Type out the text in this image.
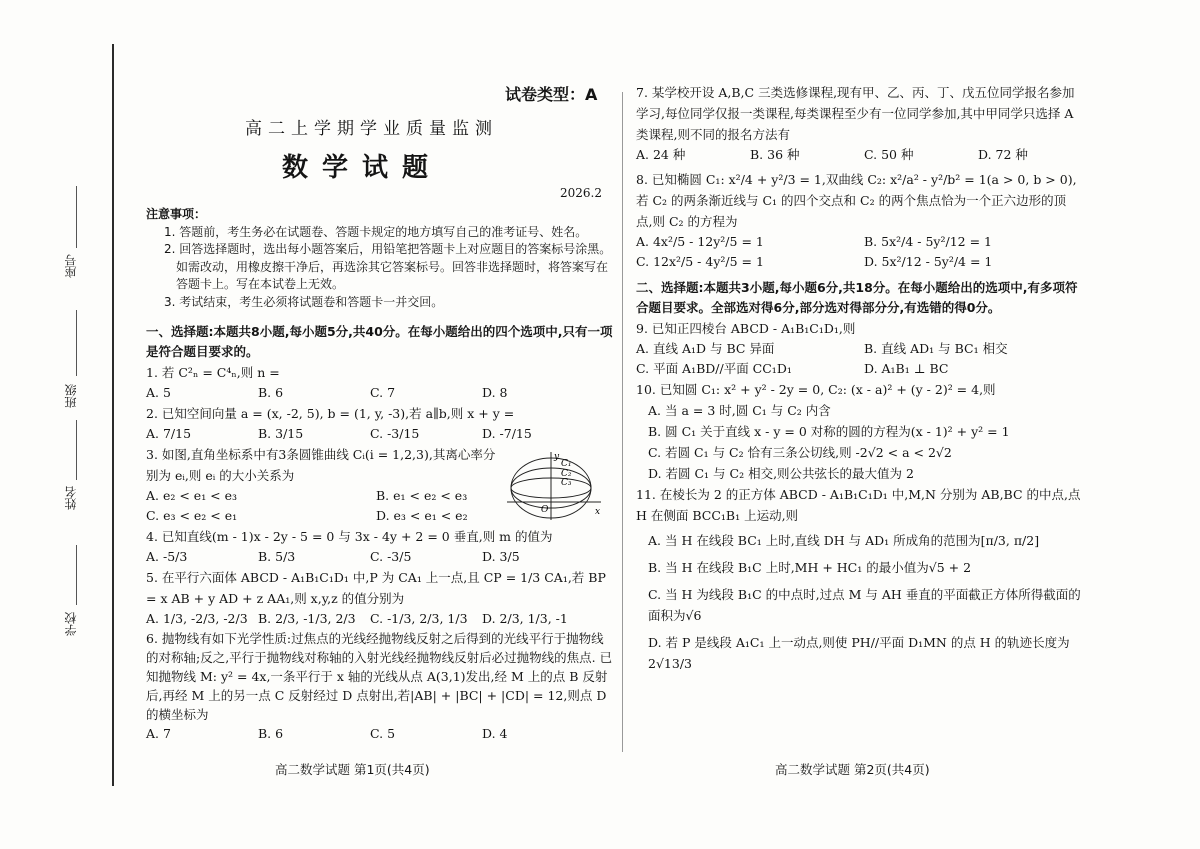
学校
姓名
班级
座号
试卷类型：A
高二上学期学业质量监测
数学试题
2026.2
注意事项：
1. 答题前，考生务必在试题卷、答题卡规定的地方填写自己的准考证号、姓名。
2. 回答选择题时，选出每小题答案后，用铅笔把答题卡上对应题目的答案标号涂黑。如需改动，用橡皮擦干净后，再选涂其它答案标号。回答非选择题时，将答案写在答题卡上。写在本试卷上无效。
3. 考试结束，考生必须将试题卷和答题卡一并交回。
一、选择题:本题共8小题,每小题5分,共40分。在每小题给出的四个选项中,只有一项是符合题目要求的。
1. 若 C²ₙ = C⁴ₙ,则 n =
A. 5	B. 6	C. 7	D. 8
2. 已知空间向量 a = (x, -2, 5), b = (1, y, -3),若 a∥b,则 x + y =
A. 7/15	B. 3/15	C. -3/15	D. -7/15
3. 如图,直角坐标系中有3条圆锥曲线 Cᵢ(i = 1,2,3),其离心率分别为 eᵢ,则 eᵢ 的大小关系为
A. e₂ < e₁ < e₃	B. e₁ < e₂ < e₃
C. e₃ < e₂ < e₁	D. e₃ < e₁ < e₂
4. 已知直线(m - 1)x - 2y - 5 = 0 与 3x - 4y + 2 = 0 垂直,则 m 的值为
A. -5/3	B. 5/3	C. -3/5	D. 3/5
5. 在平行六面体 ABCD - A₁B₁C₁D₁ 中,P 为 CA₁ 上一点,且 CP = 1/3 CA₁,若 BP = x AB + y AD + z AA₁,则 x,y,z 的值分别为
A. 1/3, -2/3, -2/3 B. 2/3, -1/3, 2/3	C. -1/3, 2/3, 1/3	D. 2/3, 1/3, -1
6. 抛物线有如下光学性质:过焦点的光线经抛物线反射之后得到的光线平行于抛物线的对称轴;反之,平行于抛物线对称轴的入射光线经抛物线反射后必过抛物线的焦点. 已知抛物线 M: y² = 4x,一条平行于 x 轴的光线从点 A(3,1)发出,经 M 上的点 B 反射后,再经 M 上的另一点 C 反射经过 D 点射出,若|AB| + |BC| + |CD| = 12,则点 D 的横坐标为
A. 7	B. 6	C. 5	D. 4
C₁
C₂
C₃
y
x
O
7. 某学校开设 A,B,C 三类选修课程,现有甲、乙、丙、丁、戊五位同学报名参加学习,每位同学仅报一类课程,每类课程至少有一位同学参加,其中甲同学只选择 A 类课程,则不同的报名方法有
A. 24 种	B. 36 种	C. 50 种	D. 72 种
8. 已知椭圆 C₁: x²/4 + y²/3 = 1,双曲线 C₂: x²/a² - y²/b² = 1(a > 0, b > 0),若 C₂ 的两条渐近线与 C₁ 的四个交点和 C₂ 的两个焦点恰为一个正六边形的顶点,则 C₂ 的方程为
A. 4x²/5 - 12y²/5 = 1	B. 5x²/4 - 5y²/12 = 1
C. 12x²/5 - 4y²/5 = 1	D. 5x²/12 - 5y²/4 = 1
二、选择题:本题共3小题,每小题6分,共18分。在每小题给出的选项中,有多项符合题目要求。全部选对得6分,部分选对得部分分,有选错的得0分。
9. 已知正四棱台 ABCD - A₁B₁C₁D₁,则
A. 直线 A₁D 与 BC 异面	B. 直线 AD₁ 与 BC₁ 相交
C. 平面 A₁BD//平面 CC₁D₁	D. A₁B₁ ⊥ BC
10. 已知圆 C₁: x² + y² - 2y = 0, C₂: (x - a)² + (y - 2)² = 4,则
A. 当 a = 3 时,圆 C₁ 与 C₂ 内含
B. 圆 C₁ 关于直线 x - y = 0 对称的圆的方程为(x - 1)² + y² = 1
C. 若圆 C₁ 与 C₂ 恰有三条公切线,则 -2√2 < a < 2√2
D. 若圆 C₁ 与 C₂ 相交,则公共弦长的最大值为 2
11. 在棱长为 2 的正方体 ABCD - A₁B₁C₁D₁ 中,M,N 分别为 AB,BC 的中点,点 H 在侧面 BCC₁B₁ 上运动,则
A. 当 H 在线段 BC₁ 上时,直线 DH 与 AD₁ 所成角的范围为[π/3, π/2]
B. 当 H 在线段 B₁C 上时,MH + HC₁ 的最小值为√5 + 2
C. 当 H 为线段 B₁C 的中点时,过点 M 与 AH 垂直的平面截正方体所得截面的面积为√6
D. 若 P 是线段 A₁C₁ 上一动点,则使 PH//平面 D₁MN 的点 H 的轨迹长度为 2√13/3
高二数学试题 第1页(共4页)	高二数学试题 第2页(共4页)
